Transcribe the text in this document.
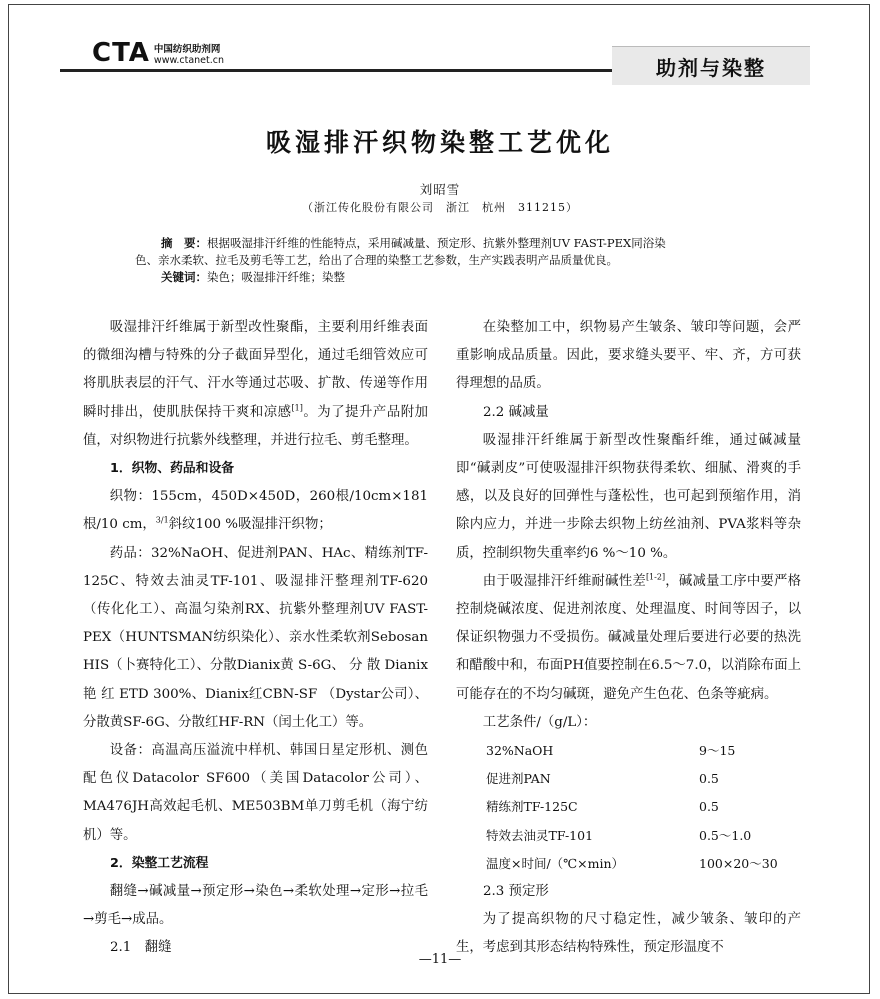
CTA 中国纺织助剂网
www.ctanet.cn	助剂与染整
吸湿排汗织物染整工艺优化
刘昭雪
（浙江传化股份有限公司　浙江　杭州　311215）
摘　要：根据吸湿排汗纤维的性能特点，采用碱减量、预定形、抗紫外整理剂UV FAST-PEX同浴染
色、亲水柔软、拉毛及剪毛等工艺，给出了合理的染整工艺参数，生产实践表明产品质量优良。
关键词：染色；吸湿排汗纤维；染整

吸湿排汗纤维属于新型改性聚酯，主要利用纤维表面的微细沟槽与特殊的分子截面异型化，通过毛细管效应可将肌肤表层的汗气、汗水等通过芯吸、扩散、传递等作用瞬时排出，使肌肤保持干爽和凉感[1]。为了提升产品附加值，对织物进行抗紫外线整理，并进行拉毛、剪毛整理。

1．织物、药品和设备

织物：155cm，450D×450D，260根/10cm×181根/10 cm，$^{3/1}$斜纹100 %吸湿排汗织物；

药品：32%NaOH、促进剂PAN、HAc、精练剂TF-125C、特效去油灵TF-101、吸湿排汗整理剂TF-620（传化化工）、高温匀染剂RX、抗紫外整理剂UV FAST-PEX（HUNTSMAN纺织染化）、亲水性柔软剂Sebosan HIS（卜赛特化工）、分散Dianix黄 S-6G、 分 散 Dianix艳 红 ETD 300%、Dianix红CBN-SF （Dystar公司）、分散黄SF-6G、分散红HF-RN（闰土化工）等。

设备：高温高压溢流中样机、韩国日星定形机、测色配色仪Datacolor SF600（美国Datacolor公司）、MA476JH高效起毛机、ME503BM单刀剪毛机（海宁纺机）等。

2．染整工艺流程

翻缝→碱减量→预定形→染色→柔软处理→定形→拉毛→剪毛→成品。

2.1　翻缝

在染整加工中，织物易产生皱条、皱印等问题，会严重影响成品质量。因此，要求缝头要平、牢、齐，方可获得理想的品质。

2.2 碱减量

吸湿排汗纤维属于新型改性聚酯纤维，通过碱减量即“碱剥皮”可使吸湿排汗织物获得柔软、细腻、滑爽的手感，以及良好的回弹性与蓬松性，也可起到预缩作用，消除内应力，并进一步除去织物上纺丝油剂、PVA浆料等杂质，控制织物失重率约6 %～10 %。

由于吸湿排汗纤维耐碱性差[1-2]，碱减量工序中要严格控制烧碱浓度、促进剂浓度、处理温度、时间等因子，以保证织物强力不受损伤。碱减量处理后要进行必要的热洗和醋酸中和，布面PH值要控制在6.5～7.0，以消除布面上可能存在的不均匀碱斑，避免产生色花、色条等疵病。

工艺条件/（g/L）：

32%NaOH	9～15
促进剂PAN	0.5
精练剂TF-125C	0.5
特效去油灵TF-101	0.5～1.0
温度×时间/（℃×min）	100×20～30

2.3 预定形

为了提高织物的尺寸稳定性，减少皱条、皱印的产生，考虑到其形态结构特殊性，预定形温度不

—11—
